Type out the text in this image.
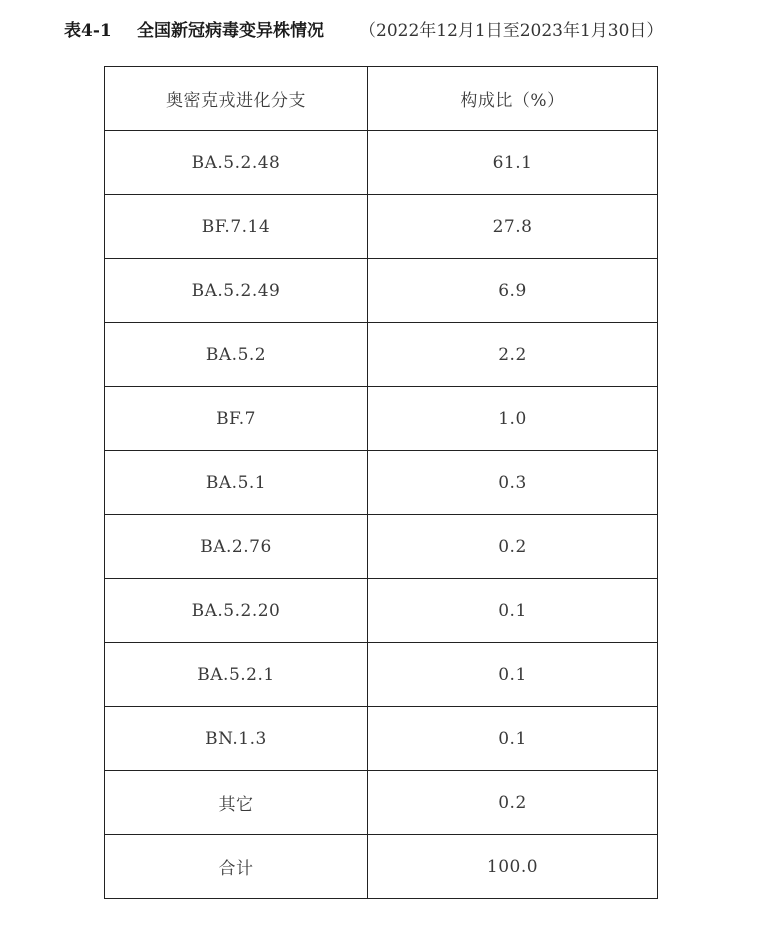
表4-1 全国新冠病毒变异株情况 （2022年12月1日至2023年1月30日）
奥密克戎进化分支	构成比（%）
BA.5.2.48	61.1
BF.7.14	27.8
BA.5.2.49	6.9
BA.5.2	2.2
BF.7	1.0
BA.5.1	0.3
BA.2.76	0.2
BA.5.2.20	0.1
BA.5.2.1	0.1
BN.1.3	0.1
其它	0.2
合计	100.0
